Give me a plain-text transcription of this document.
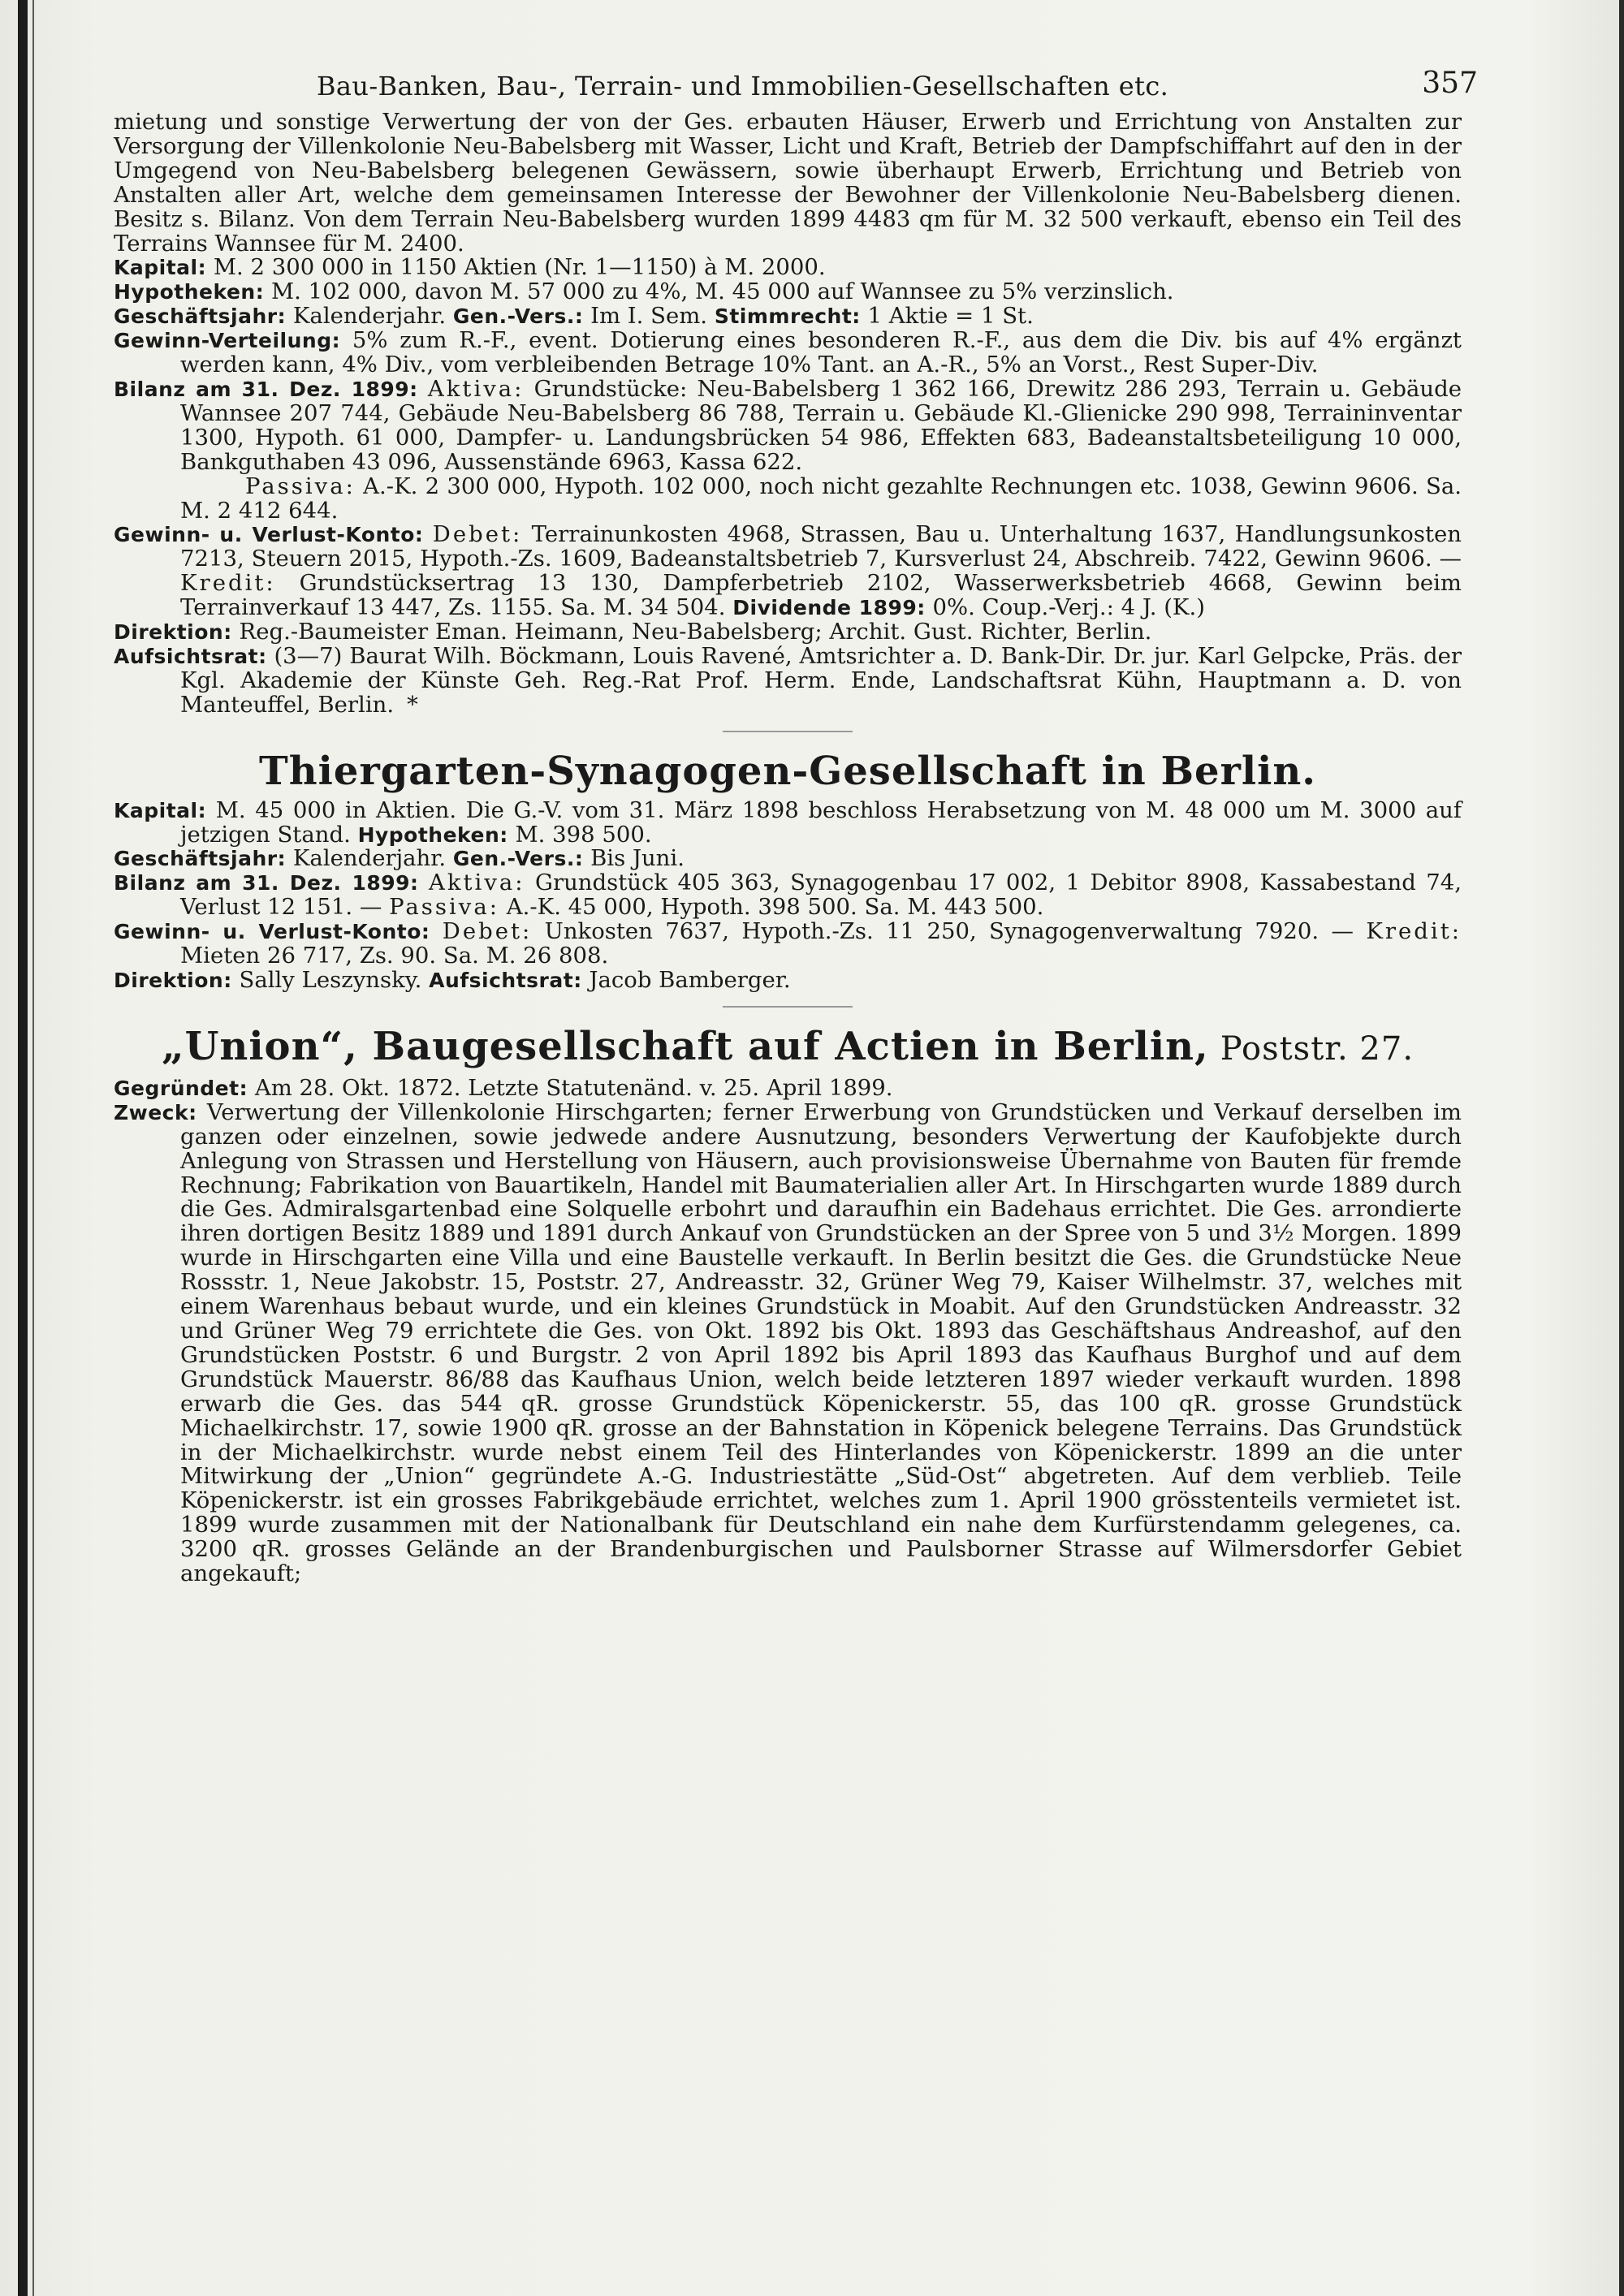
Bau-Banken, Bau-, Terrain- und Immobilien-Gesellschaften etc.	357

mietung und sonstige Verwertung der von der Ges. erbauten Häuser, Erwerb und Errichtung von Anstalten zur Versorgung der Villenkolonie Neu-Babelsberg mit Wasser, Licht und Kraft, Betrieb der Dampfschiffahrt auf den in der Umgegend von Neu-Babelsberg belegenen Gewässern, sowie überhaupt Erwerb, Errichtung und Betrieb von Anstalten aller Art, welche dem gemeinsamen Interesse der Bewohner der Villenkolonie Neu-Babelsberg dienen. Besitz s. Bilanz. Von dem Terrain Neu-Babelsberg wurden 1899 4483 qm für M. 32 500 verkauft, ebenso ein Teil des Terrains Wannsee für M. 2400.

Kapital: M. 2 300 000 in 1150 Aktien (Nr. 1—1150) à M. 2000.

Hypotheken: M. 102 000, davon M. 57 000 zu 4%, M. 45 000 auf Wannsee zu 5% verzinslich.

Geschäftsjahr: Kalenderjahr. Gen.-Vers.: Im I. Sem. Stimmrecht: 1 Aktie = 1 St.

Gewinn-Verteilung: 5% zum R.-F., event. Dotierung eines besonderen R.-F., aus dem die Div. bis auf 4% ergänzt werden kann, 4% Div., vom verbleibenden Betrage 10% Tant. an A.-R., 5% an Vorst., Rest Super-Div.

Bilanz am 31. Dez. 1899: Aktiva: Grundstücke: Neu-Babelsberg 1 362 166, Drewitz 286 293, Terrain u. Gebäude Wannsee 207 744, Gebäude Neu-Babelsberg 86 788, Terrain u. Gebäude Kl.-Glienicke 290 998, Terraininventar 1300, Hypoth. 61 000, Dampfer- u. Landungsbrücken 54 986, Effekten 683, Badeanstaltsbeteiligung 10 000, Bankguthaben 43 096, Aussenstände 6963, Kassa 622.

Passiva: A.-K. 2 300 000, Hypoth. 102 000, noch nicht gezahlte Rechnungen etc. 1038, Gewinn 9606. Sa. M. 2 412 644.

Gewinn- u. Verlust-Konto: Debet: Terrainunkosten 4968, Strassen, Bau u. Unterhaltung 1637, Handlungsunkosten 7213, Steuern 2015, Hypoth.-Zs. 1609, Badeanstaltsbetrieb 7, Kursverlust 24, Abschreib. 7422, Gewinn 9606. — Kredit: Grundstücksertrag 13 130, Dampferbetrieb 2102, Wasserwerksbetrieb 4668, Gewinn beim Terrainverkauf 13 447, Zs. 1155. Sa. M. 34 504. Dividende 1899: 0%. Coup.-Verj.: 4 J. (K.)

Direktion: Reg.-Baumeister Eman. Heimann, Neu-Babelsberg; Archit. Gust. Richter, Berlin.

Aufsichtsrat: (3—7) Baurat Wilh. Böckmann, Louis Ravené, Amtsrichter a. D. Bank-Dir. Dr. jur. Karl Gelpcke, Präs. der Kgl. Akademie der Künste Geh. Reg.-Rat Prof. Herm. Ende, Landschaftsrat Kühn, Hauptmann a. D. von Manteuffel, Berlin. *

Thiergarten-Synagogen-Gesellschaft in Berlin.

Kapital: M. 45 000 in Aktien. Die G.-V. vom 31. März 1898 beschloss Herabsetzung von M. 48 000 um M. 3000 auf jetzigen Stand. Hypotheken: M. 398 500.

Geschäftsjahr: Kalenderjahr. Gen.-Vers.: Bis Juni.

Bilanz am 31. Dez. 1899: Aktiva: Grundstück 405 363, Synagogenbau 17 002, 1 Debitor 8908, Kassabestand 74, Verlust 12 151. — Passiva: A.-K. 45 000, Hypoth. 398 500. Sa. M. 443 500.

Gewinn- u. Verlust-Konto: Debet: Unkosten 7637, Hypoth.-Zs. 11 250, Synagogenverwaltung 7920. — Kredit: Mieten 26 717, Zs. 90. Sa. M. 26 808.

Direktion: Sally Leszynsky. Aufsichtsrat: Jacob Bamberger.

„Union“, Baugesellschaft auf Actien in Berlin, Poststr. 27.

Gegründet: Am 28. Okt. 1872. Letzte Statutenänd. v. 25. April 1899.

Zweck: Verwertung der Villenkolonie Hirschgarten; ferner Erwerbung von Grundstücken und Verkauf derselben im ganzen oder einzelnen, sowie jedwede andere Ausnutzung, besonders Verwertung der Kaufobjekte durch Anlegung von Strassen und Herstellung von Häusern, auch provisionsweise Übernahme von Bauten für fremde Rechnung; Fabrikation von Bauartikeln, Handel mit Baumaterialien aller Art. In Hirschgarten wurde 1889 durch die Ges. Admiralsgartenbad eine Solquelle erbohrt und daraufhin ein Badehaus errichtet. Die Ges. arrondierte ihren dortigen Besitz 1889 und 1891 durch Ankauf von Grundstücken an der Spree von 5 und 3½ Morgen. 1899 wurde in Hirschgarten eine Villa und eine Baustelle verkauft. In Berlin besitzt die Ges. die Grundstücke Neue Rossstr. 1, Neue Jakobstr. 15, Poststr. 27, Andreasstr. 32, Grüner Weg 79, Kaiser Wilhelmstr. 37, welches mit einem Warenhaus bebaut wurde, und ein kleines Grundstück in Moabit. Auf den Grundstücken Andreasstr. 32 und Grüner Weg 79 errichtete die Ges. von Okt. 1892 bis Okt. 1893 das Geschäftshaus Andreashof, auf den Grundstücken Poststr. 6 und Burgstr. 2 von April 1892 bis April 1893 das Kaufhaus Burghof und auf dem Grundstück Mauerstr. 86/88 das Kaufhaus Union, welch beide letzteren 1897 wieder verkauft wurden. 1898 erwarb die Ges. das 544 qR. grosse Grundstück Köpenickerstr. 55, das 100 qR. grosse Grundstück Michaelkirchstr. 17, sowie 1900 qR. grosse an der Bahnstation in Köpenick belegene Terrains. Das Grundstück in der Michaelkirchstr. wurde nebst einem Teil des Hinterlandes von Köpenickerstr. 1899 an die unter Mitwirkung der „Union“ gegründete A.-G. Industriestätte „Süd-Ost“ abgetreten. Auf dem verblieb. Teile Köpenickerstr. ist ein grosses Fabrikgebäude errichtet, welches zum 1. April 1900 grösstenteils vermietet ist. 1899 wurde zusammen mit der Nationalbank für Deutschland ein nahe dem Kurfürstendamm gelegenes, ca. 3200 qR. grosses Gelände an der Brandenburgischen und Paulsborner Strasse auf Wilmersdorfer Gebiet angekauft;
